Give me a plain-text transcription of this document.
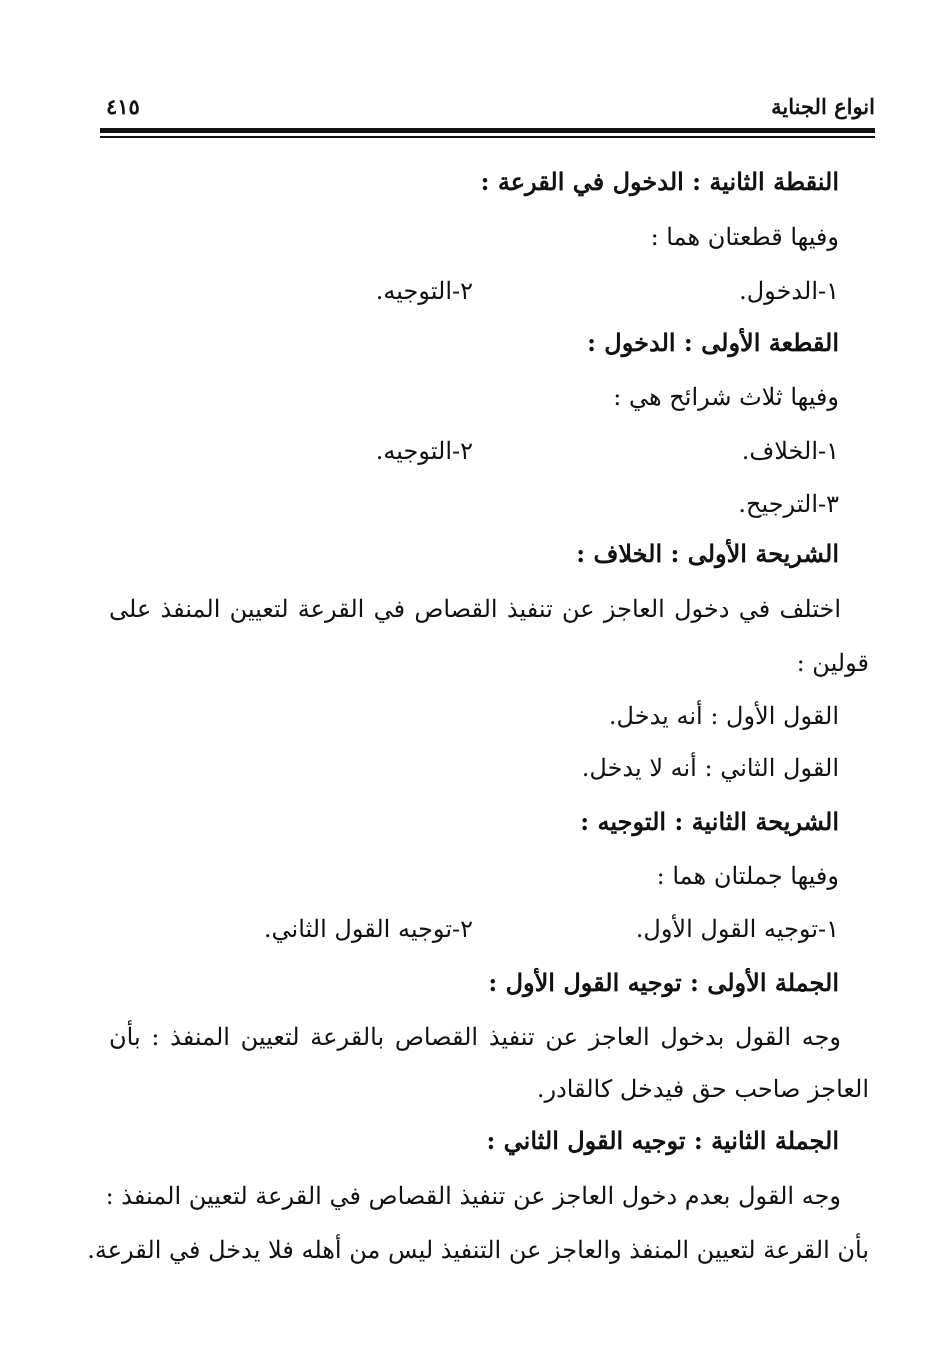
انواع الجناية
٤١٥
النقطة الثانية : الدخول في القرعة :
وفيها قطعتان هما :
١-الدخول.
٢-التوجيه.
القطعة الأولى : الدخول :
وفيها ثلاث شرائح هي :
١-الخلاف.
٢-التوجيه.
٣-الترجيح.
الشريحة الأولى : الخلاف :
اختلف في دخول العاجز عن تنفيذ القصاص في القرعة لتعيين المنفذ على
قولين :
القول الأول : أنه يدخل.
القول الثاني : أنه لا يدخل.
الشريحة الثانية : التوجيه :
وفيها جملتان هما :
١-توجيه القول الأول.
٢-توجيه القول الثاني.
الجملة الأولى : توجيه القول الأول :
وجه القول بدخول العاجز عن تنفيذ القصاص بالقرعة لتعيين المنفذ : بأن
العاجز صاحب حق فيدخل كالقادر.
الجملة الثانية : توجيه القول الثاني :
وجه القول بعدم دخول العاجز عن تنفيذ القصاص في القرعة لتعيين المنفذ :
بأن القرعة لتعيين المنفذ والعاجز عن التنفيذ ليس من أهله فلا يدخل في القرعة.
